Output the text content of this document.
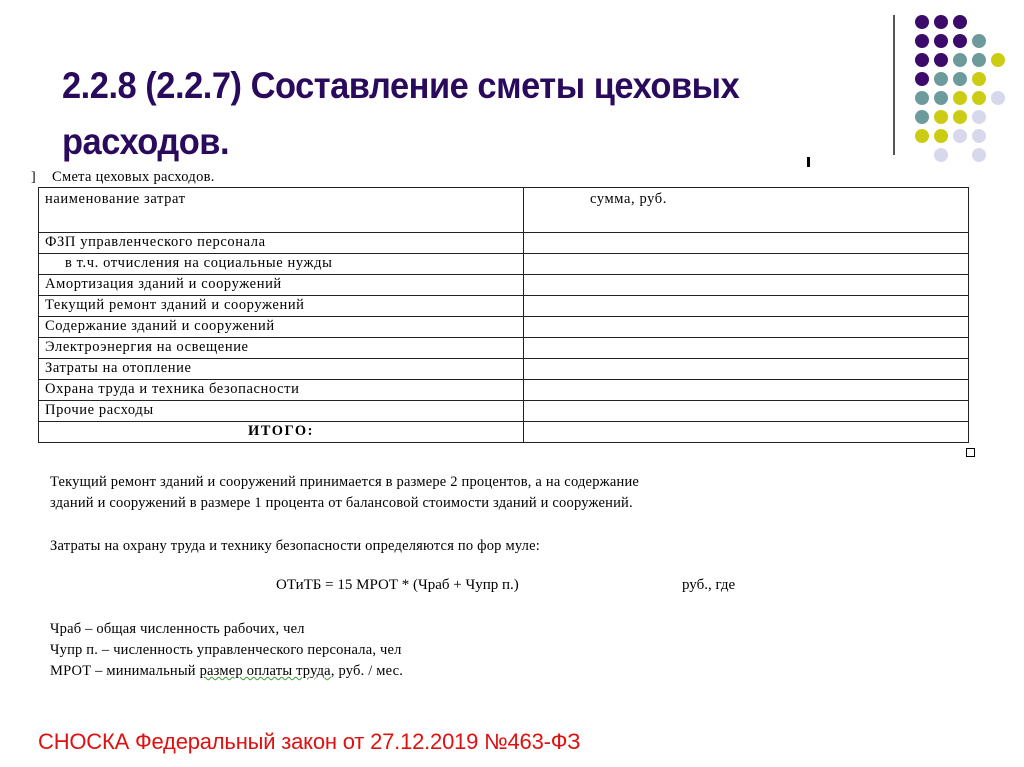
2.2.8 (2.2.7) Составление сметы цеховых расходов.
] Смета цеховых расходов.
наименование затрат	сумма, руб.
ФЗП управленческого персонала	
в т.ч. отчисления на социальные нужды	
Амортизация зданий и сооружений	
Текущий ремонт зданий и сооружений	
Содержание зданий и сооружений	
Электроэнергия на освещение	
Затраты на отопление	
Охрана труда и техника безопасности	
Прочие расходы	
ИТОГО:	
Текущий ремонт зданий и сооружений принимается в размере 2 процентов, а на содержание
зданий и сооружений в размере 1 процента от балансовой стоимости зданий и сооружений.
Затраты на охрану труда и технику безопасности определяются по фор муле:
ОТиТБ = 15 МРОТ * (Чраб + Чупр п.)	руб., где
Чраб – общая численность рабочих, чел
Чупр п. – численность управленческого персонала, чел
МРОТ – минимальный размер оплаты труда, руб. / мес.
СНОСКА Федеральный закон от 27.12.2019 №463-ФЗ
